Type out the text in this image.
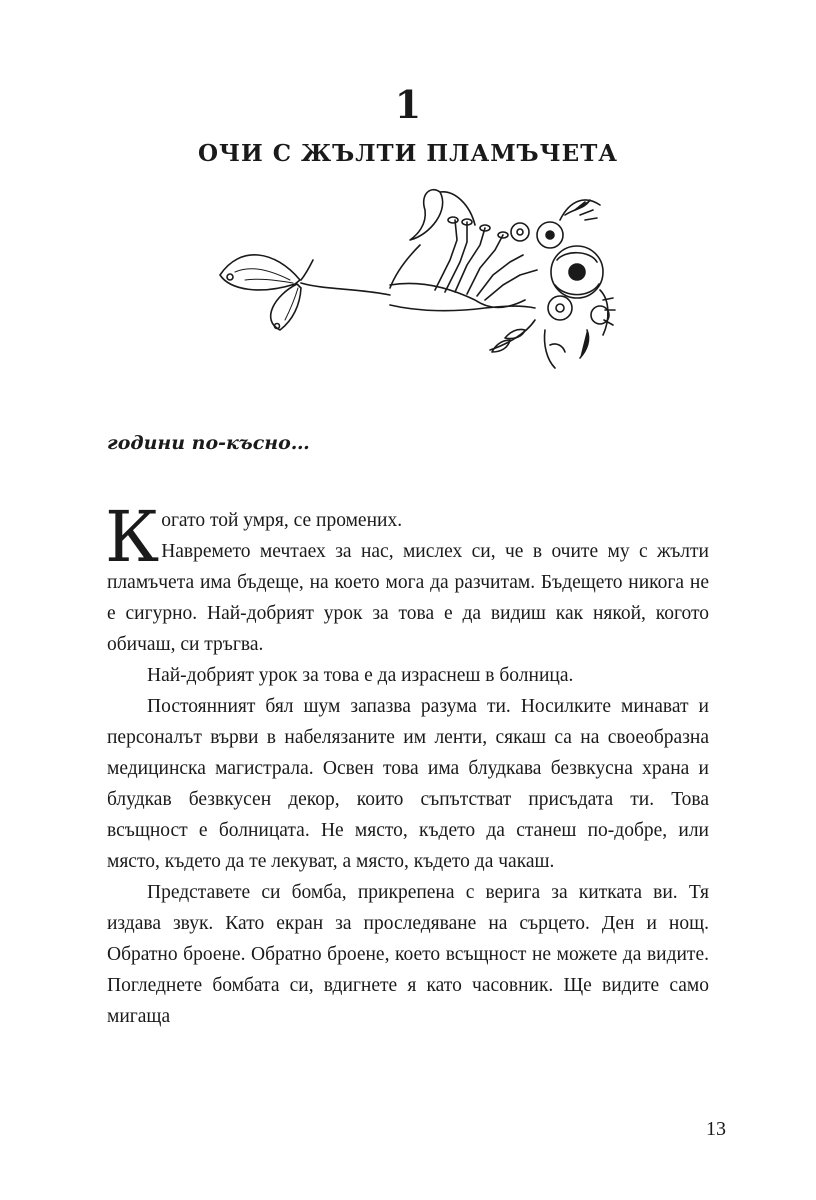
1
ОЧИ С ЖЪЛТИ ПЛАМЪЧЕТА
години по-късно…

Когато той умря, се промених.
Навремето мечтаех за нас, мислех си, че в очите му с жълти пламъчета има бъдеще, на което мога да разчитам. Бъдещето никога не е сигурно. Най-добрият урок за това е да видиш как някой, когото обичаш, си тръгва.

Най-добрият урок за това е да израснеш в болница.

Постоянният бял шум запазва разума ти. Носилките минават и персоналът върви в набелязаните им ленти, сякаш са на своеобразна медицинска магистрала. Освен това има блудкава безвкусна храна и блудкав безвкусен декор, които съпътстват присъдата ти. Това всъщност е болницата. Не място, където да станеш по-добре, или място, където да те лекуват, а място, където да чакаш.

Представете си бомба, прикрепена с верига за китката ви. Тя издава звук. Като екран за проследяване на сърцето. Ден и нощ. Обратно броене. Обратно броене, което всъщност не можете да видите. Погледнете бомбата си, вдигнете я като часовник. Ще видите само мигаща

13
